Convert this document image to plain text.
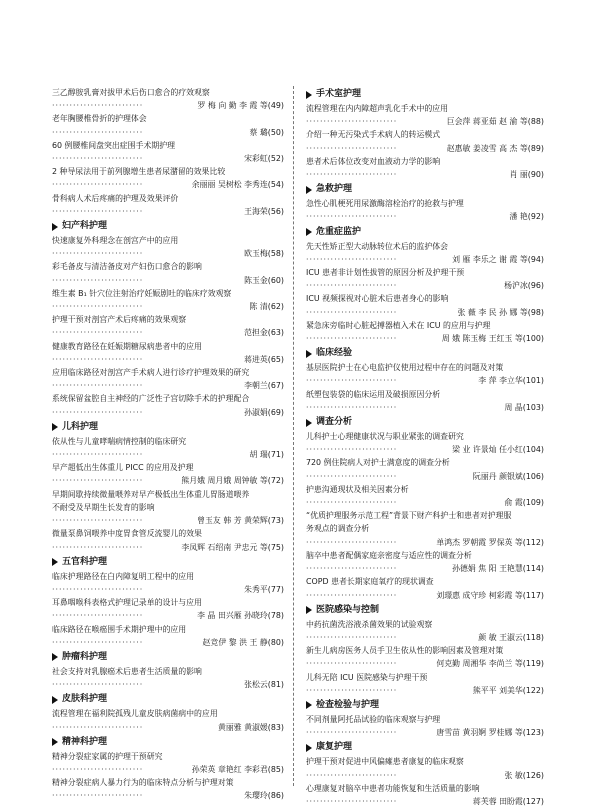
三乙醇胺乳膏对拔甲术后伤口愈合的疗效观察
··························	罗 梅 向 勤 李 霞 等(49)
老年胸腰椎骨折的护理体会
··························	蔡 璐(50)
60 例腰椎间盘突出症围手术期护理
··························	宋彩虹(52)
2 种导尿法用于前列腺增生患者尿潴留的效果比较
··························	余丽丽 吴树松 李秀连(54)
骨科病人术后疼痛的护理及效果评价
··························	王海荣(56)
妇产科护理
快速康复外科理念在剖宫产中的应用
··························	欧玉梅(58)
彩毛备皮与清洁备皮对产妇伤口愈合的影响
··························	陈玉金(60)
维生素 B₁ 针穴位注射治疗妊娠剧吐的临床疗效观察
··························	陈 清(62)
护理干预对剖宫产术后疼痛的效果观察
··························	范担金(63)
健康教育路径在妊娠期糖尿病患者中的应用
··························	蒋进英(65)
应用临床路径对剖宫产手术病人进行诊疗护理效果的研究
··························	李朝兰(67)
系统保留盆腔自主神经的广泛性子宫切除手术的护理配合
··························	孙淑娟(69)
儿科护理
依从性与儿童哮喘病情控制的临床研究
··························	胡 瑞(71)
早产超低出生体重儿 PICC 的应用及护理
··························	熊月娥 周月娥 周钟敏 等(72)
早期间歇持续微量喂养对早产极低出生体重儿胃肠道喂养
不耐受及早期生长发育的影响
··························	曾玉友 韩 芳 黄荣辉(73)
微量泵鼻饲喂养中度胃食管反流婴儿的效果
··························	李凤辉 石绍南 尹忠元 等(75)
五官科护理
临床护理路径在白内障复明工程中的应用
··························	朱秀平(77)
耳鼻咽喉科表格式护理记录单的设计与应用
··························	李 晶 田兴雁 孙晓玲(78)
临床路径在喉癌围手术期护理中的应用
··························	赵竞伊 黎 洪 王 静(80)
肿瘤科护理
社会支持对乳腺癌术后患者生活质量的影响
··························	张松云(81)
皮肤科护理
流程管理在福利院孤残儿童皮肤病菌病中的应用
··························	黄丽雅 黄淑媛(83)
精神科护理
精神分裂症家属的护理干预研究
··························	孙荣英 章艳红 李彩君(85)
精神分裂症病人暴力行为的临床特点分析与护理对策
··························	朱璎玲(86)
手术室护理
流程管理在内内障超声乳化手术中的应用
··························	巨会萍 蒋亚茹 赵 渝 等(88)
介绍一种无污染式手术病人的转运模式
··························	赵惠敏 姜凌雪 高 杰 等(89)
患者术后体位改变对血液动力学的影响
··························	肖 丽(90)
急救护理
急性心肌梗死用尿激酶溶栓治疗的抢救与护理
··························	潘 艳(92)
危重症监护
先天性矫正型大动脉转位术后的监护体会
··························	刘 雁 李乐之 谢 霞 等(94)
ICU 患者非计划性拔管的原因分析及护理干预
··························	杨沪冰(96)
ICU 视频探视对心脏术后患者身心的影响
··························	张 薇 李 民 孙 娜 等(98)
紧急床旁临时心脏起搏器植入术在 ICU 的应用与护理
··························	周 娥 陈玉梅 王红玉 等(100)
临床经验
基层医院护士在心电监护仪使用过程中存在的问题及对策
··························	李 萍 李立华(101)
纸塑包装袋的临床运用及破损原因分析
··························	周 晶(103)
调查分析
儿科护士心理健康状况与职业紧张的调查研究
··························	梁 业 许景灿 任小红(104)
720 例住院病人对护士满意度的调查分析
··························	阮丽丹 颜银斌(106)
护患沟通现状及相关因素分析
··························	俞 霞(109)
“优质护理服务示范工程”背景下财产科护士和患者对护理服
务观点的调查分析
··························	单鸿杰 罗朝霞 罗保英 等(112)
脑卒中患者配偶家庭亲密度与适应性的调查分析
··························	孙德娟 焦 阳 王艳慧(114)
COPD 患者长期家庭氧疗的现状调查
··························	刘璟惠 成守珍 柯彩霞 等(117)
医院感染与控制
中药抗菌洗浴液杀菌效果的试验观察
··························	颜 敏 王淑云(118)
新生儿病房医务人员手卫生依从性的影响因素及管理对策
··························	何克勤 周湘华 李尚兰 等(119)
儿科无陪 ICU 医院感染与护理干预
··························	熊平平 刘美华(122)
检查检验与护理
不同剂量阿托品试验的临床观察与护理
··························	唐雪苗 黄羽婀 罗桂娜 等(123)
康复护理
护理干预对促进中风偏瘫患者康复的临床观察
··························	张 敏(126)
心理康复对脑卒中患者功能恢复和生活质量的影响
··························	蒋芙蓉 田盼霞(127)
